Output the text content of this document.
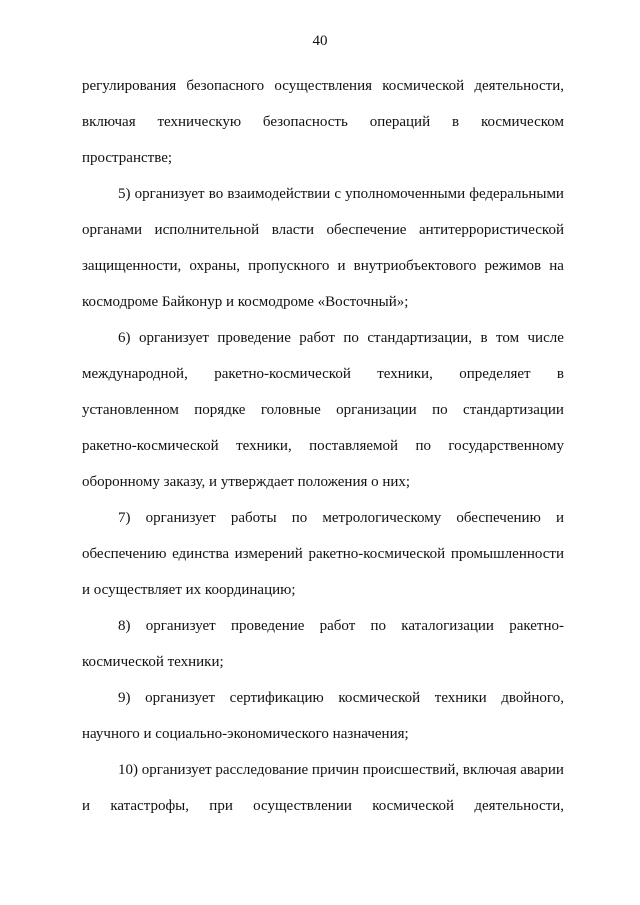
40
регулирования безопасного осуществления космической деятельности,
включая техническую безопасность операций в космическом
пространстве;
5) организует во взаимодействии с уполномоченными федеральными
органами исполнительной власти обеспечение антитеррористической
защищенности, охраны, пропускного и внутриобъектового режимов на
космодроме Байконур и космодроме «Восточный»;
6) организует проведение работ по стандартизации, в том числе
международной, ракетно-космической техники, определяет в
установленном порядке головные организации по стандартизации
ракетно-космической техники, поставляемой по государственному
оборонному заказу, и утверждает положения о них;
7) организует работы по метрологическому обеспечению и
обеспечению единства измерений ракетно-космической промышленности
и осуществляет их координацию;
8) организует проведение работ по каталогизации ракетно-
космической техники;
9) организует сертификацию космической техники двойного,
научного и социально-экономического назначения;
10) организует расследование причин происшествий, включая аварии
и катастрофы, при осуществлении космической деятельности,
